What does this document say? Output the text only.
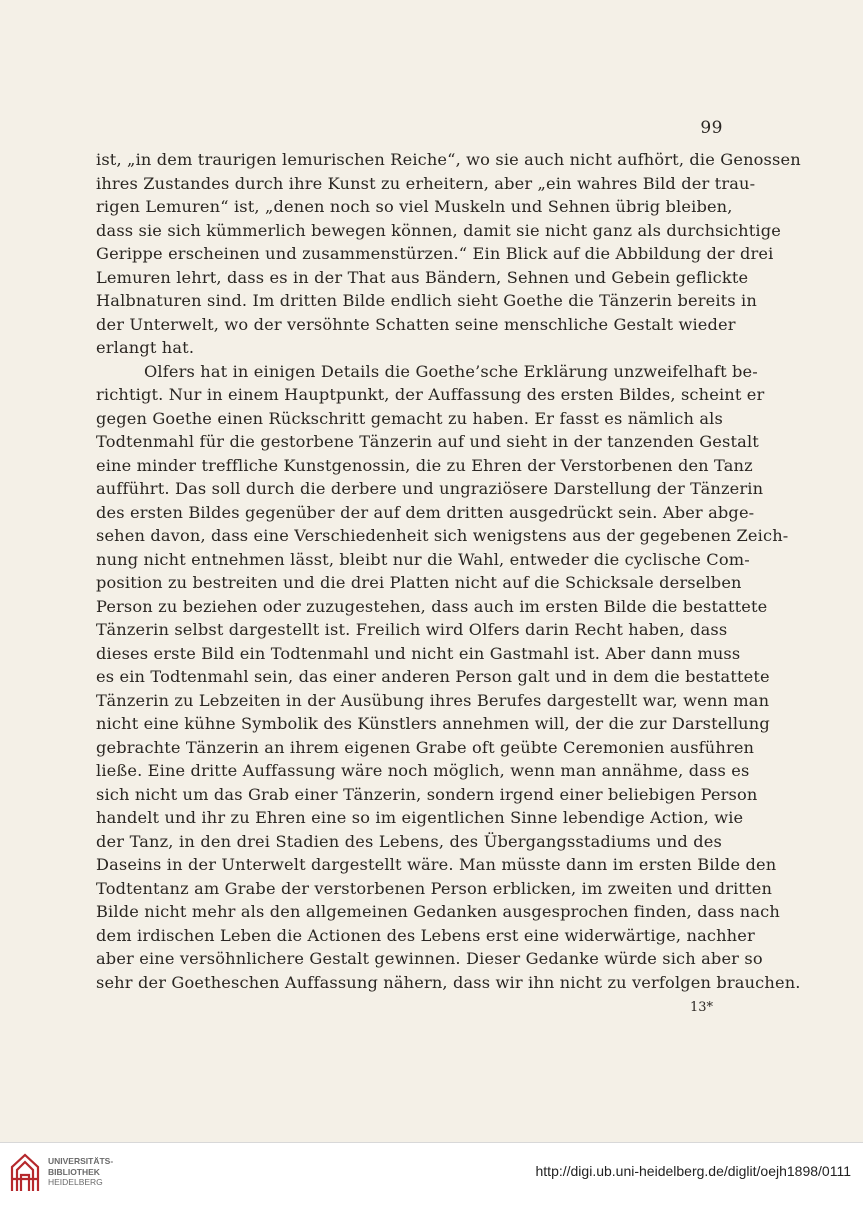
99
ist, „in dem traurigen lemurischen Reiche“, wo sie auch nicht aufhört, die Genossen
ihres Zustandes durch ihre Kunst zu erheitern, aber „ein wahres Bild der trau-
rigen Lemuren“ ist, „denen noch so viel Muskeln und Sehnen übrig bleiben,
dass sie sich kümmerlich bewegen können, damit sie nicht ganz als durchsichtige
Gerippe erscheinen und zusammenstürzen.“ Ein Blick auf die Abbildung der drei
Lemuren lehrt, dass es in der That aus Bändern, Sehnen und Gebein geflickte
Halbnaturen sind. Im dritten Bilde endlich sieht Goethe die Tänzerin bereits in
der Unterwelt, wo der versöhnte Schatten seine menschliche Gestalt wieder
erlangt hat.
Olfers hat in einigen Details die Goethe’sche Erklärung unzweifelhaft be-
richtigt. Nur in einem Hauptpunkt, der Auffassung des ersten Bildes, scheint er
gegen Goethe einen Rückschritt gemacht zu haben. Er fasst es nämlich als
Todtenmahl für die gestorbene Tänzerin auf und sieht in der tanzenden Gestalt
eine minder treffliche Kunstgenossin, die zu Ehren der Verstorbenen den Tanz
aufführt. Das soll durch die derbere und ungraziösere Darstellung der Tänzerin
des ersten Bildes gegenüber der auf dem dritten ausgedrückt sein. Aber abge-
sehen davon, dass eine Verschiedenheit sich wenigstens aus der gegebenen Zeich-
nung nicht entnehmen lässt, bleibt nur die Wahl, entweder die cyclische Com-
position zu bestreiten und die drei Platten nicht auf die Schicksale derselben
Person zu beziehen oder zuzugestehen, dass auch im ersten Bilde die bestattete
Tänzerin selbst dargestellt ist. Freilich wird Olfers darin Recht haben, dass
dieses erste Bild ein Todtenmahl und nicht ein Gastmahl ist. Aber dann muss
es ein Todtenmahl sein, das einer anderen Person galt und in dem die bestattete
Tänzerin zu Lebzeiten in der Ausübung ihres Berufes dargestellt war, wenn man
nicht eine kühne Symbolik des Künstlers annehmen will, der die zur Darstellung
gebrachte Tänzerin an ihrem eigenen Grabe oft geübte Ceremonien ausführen
ließe. Eine dritte Auffassung wäre noch möglich, wenn man annähme, dass es
sich nicht um das Grab einer Tänzerin, sondern irgend einer beliebigen Person
handelt und ihr zu Ehren eine so im eigentlichen Sinne lebendige Action, wie
der Tanz, in den drei Stadien des Lebens, des Übergangsstadiums und des
Daseins in der Unterwelt dargestellt wäre. Man müsste dann im ersten Bilde den
Todtentanz am Grabe der verstorbenen Person erblicken, im zweiten und dritten
Bilde nicht mehr als den allgemeinen Gedanken ausgesprochen finden, dass nach
dem irdischen Leben die Actionen des Lebens erst eine widerwärtige, nachher
aber eine versöhnlichere Gestalt gewinnen. Dieser Gedanke würde sich aber so
sehr der Goetheschen Auffassung nähern, dass wir ihn nicht zu verfolgen brauchen.
13*
UNIVERSITÄTS-
BIBLIOTHEK
HEIDELBERG
http://digi.ub.uni-heidelberg.de/diglit/oejh1898/0111
